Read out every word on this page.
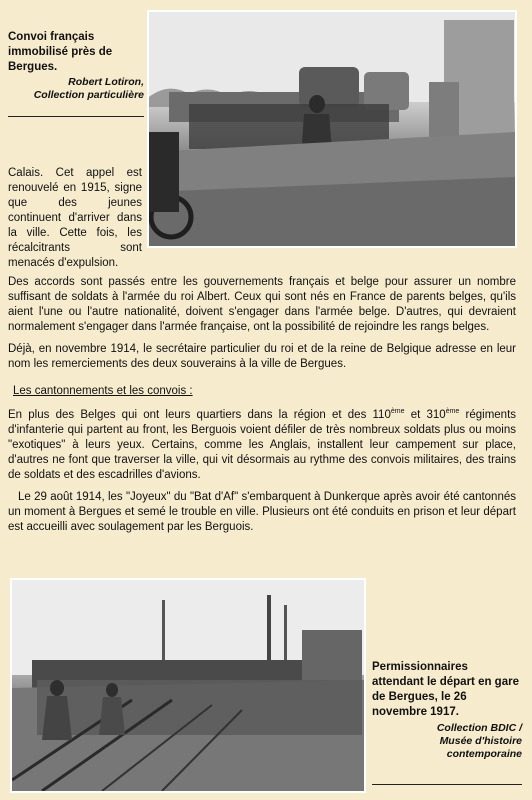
Convoi français immobilisé près de Bergues.
Robert Lotiron,
Collection particulière
Calais. Cet appel est renouvelé en 1915, signe que des jeunes continuent d'arriver dans la ville. Cette fois, les récalcitrants sont menacés d'expulsion.

Des accords sont passés entre les gouvernements français et belge pour assurer un nombre suffisant de soldats à l'armée du roi Albert. Ceux qui sont nés en France de parents belges, qu'ils aient l'une ou l'autre nationalité, doivent s'engager dans l'armée belge. D'autres, qui devraient normalement s'engager dans l'armée française, ont la possibilité de rejoindre les rangs belges.

Déjà, en novembre 1914, le secrétaire particulier du roi et de la reine de Belgique adresse en leur nom les remerciements des deux souverains à la ville de Bergues.

Les cantonnements et les convois :

En plus des Belges qui ont leurs quartiers dans la région et des 110ème et 310ème régiments d'infanterie qui partent au front, les Berguois voient défiler de très nombreux soldats plus ou moins "exotiques" à leurs yeux. Certains, comme les Anglais, installent leur campement sur place, d'autres ne font que traverser la ville, qui vit désormais au rythme des convois militaires, des trains de soldats et des escadrilles d'avions.

Le 29 août 1914, les "Joyeux" du "Bat d'Af" s'embarquent à Dunkerque après avoir été cantonnés un moment à Bergues et semé le trouble en ville. Plusieurs ont été conduits en prison et leur départ est accueilli avec soulagement par les Berguois.

Permissionnaires attendant le départ en gare de Bergues, le 26 novembre 1917.
Collection BDIC /
Musée d'histoire
contemporaine
